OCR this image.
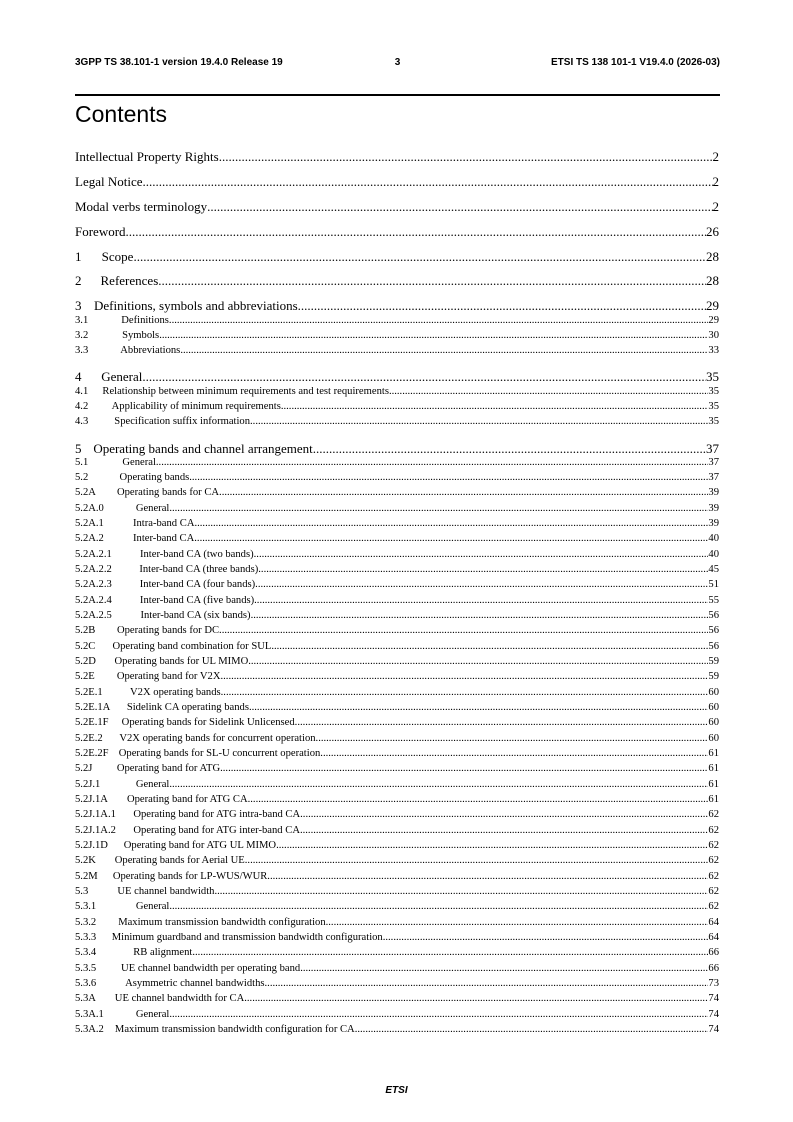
3GPP TS 38.101-1 version 19.4.0 Release 19	3	ETSI TS 138 101-1 V19.4.0 (2026-03)
Contents
Intellectual Property Rights .....	2
Legal Notice .....	2
Modal verbs terminology .....	2
Foreword .....	26
1	Scope .....	28
2	References .....	28
3 Definitions, symbols and abbreviations .....	29
3.1	Definitions .....	29
3.2	Symbols .....	30
3.3	Abbreviations .....	33
4	General .....	35
4.1	Relationship between minimum requirements and test requirements .....	35
4.2	Applicability of minimum requirements .....	35
4.3	Specification suffix information .....	35
5 Operating bands and channel arrangement .....	37
5.1	General .....	37
5.2	Operating bands .....	37
5.2A	Operating bands for CA .....	39
5.2A.0	General .....	39
5.2A.1	Intra-band CA .....	39
5.2A.2	Inter-band CA .....	40
5.2A.2.1	Inter-band CA (two bands) .....	40
5.2A.2.2	Inter-band CA (three bands) .....	45
5.2A.2.3	Inter-band CA (four bands) .....	51
5.2A.2.4	Inter-band CA (five bands) .....	55
5.2A.2.5	Inter-band CA (six bands) .....	56
5.2B	Operating bands for DC .....	56
5.2C	Operating band combination for SUL .....	56
5.2D	Operating bands for UL MIMO .....	59
5.2E	Operating band for V2X .....	59
5.2E.1	V2X operating bands .....	60
5.2E.1A	Sidelink CA operating bands .....	60
5.2E.1F	Operating bands for Sidelink Unlicensed .....	60
5.2E.2	V2X operating bands for concurrent operation .....	60
5.2E.2F Operating bands for SL-U concurrent operation .....	61
5.2J	Operating band for ATG .....	61
5.2J.1	General .....	61
5.2J.1A	Operating band for ATG CA .....	61
5.2J.1A.1	Operating band for ATG intra-band CA .....	62
5.2J.1A.2	Operating band for ATG inter-band CA .....	62
5.2J.1D	Operating band for ATG UL MIMO .....	62
5.2K	Operating bands for Aerial UE .....	62
5.2M	Operating bands for LP-WUS/WUR .....	62
5.3	UE channel bandwidth .....	62
5.3.1	General .....	62
5.3.2	Maximum transmission bandwidth configuration .....	64
5.3.3	Minimum guardband and transmission bandwidth configuration .....	64
5.3.4	RB alignment .....	66
5.3.5	UE channel bandwidth per operating band .....	66
5.3.6	Asymmetric channel bandwidths .....	73
5.3A	UE channel bandwidth for CA .....	74
5.3A.1	General .....	74
5.3A.2	Maximum transmission bandwidth configuration for CA .....	74
ETSI
